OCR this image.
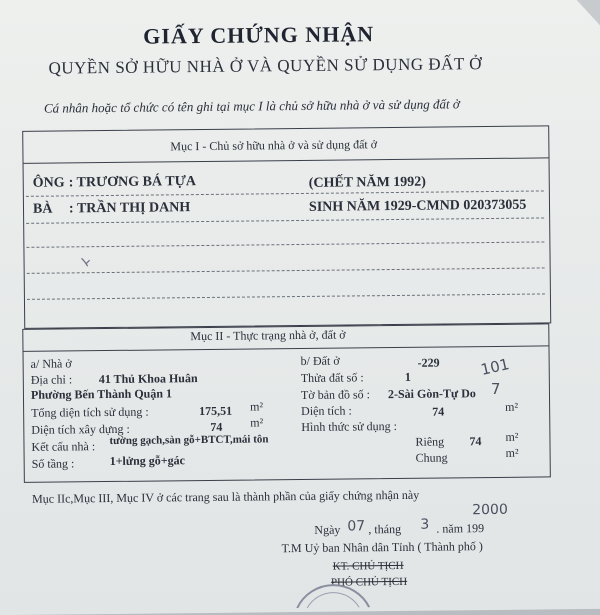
GIẤY CHỨNG NHẬN
QUYỀN SỞ HỮU NHÀ Ở VÀ QUYỀN SỬ DỤNG ĐẤT Ở
Cá nhân hoặc tổ chức có tên ghi tại mục I là chủ sở hữu nhà ở và sử dụng đất ở
Mục I - Chủ sở hữu nhà ở và sử dụng đất ở
ÔNG : TRƯƠNG BÁ TỰA	(CHẾT NĂM 1992)
BÀ : TRẦN THỊ DANH	SINH NĂM 1929-CMND 020373055
Mục II - Thực trạng nhà ở, đất ở
a/ Nhà ở
Địa chỉ : 41 Thủ Khoa Huân
Phường Bến Thành Quận 1
Tổng diện tích sử dụng :	175,51 m²
Diện tích xây dựng :	74 m²
Kết cấu nhà : tường gạch,sàn gỗ+BTCT,mái tôn
Số tầng :	1+lửng gỗ+gác
b/ Đất ở	-229
Thửa đất số :	1	101
Tờ bản đồ số : 2-Sài Gòn-Tự Do 7
Diện tích :	74	m²
Hình thức sử dụng :
Riêng 74 m²
Chung	m²
Mục IIc,Mục III, Mục IV ở các trang sau là thành phần của giấy chứng nhận này
Ngày 07 , tháng 3 . năm 199
2000
T.M Uỷ ban Nhân dân Tỉnh ( Thành phố )
KT. CHỦ TỊCH
PHÓ CHỦ TỊCH
